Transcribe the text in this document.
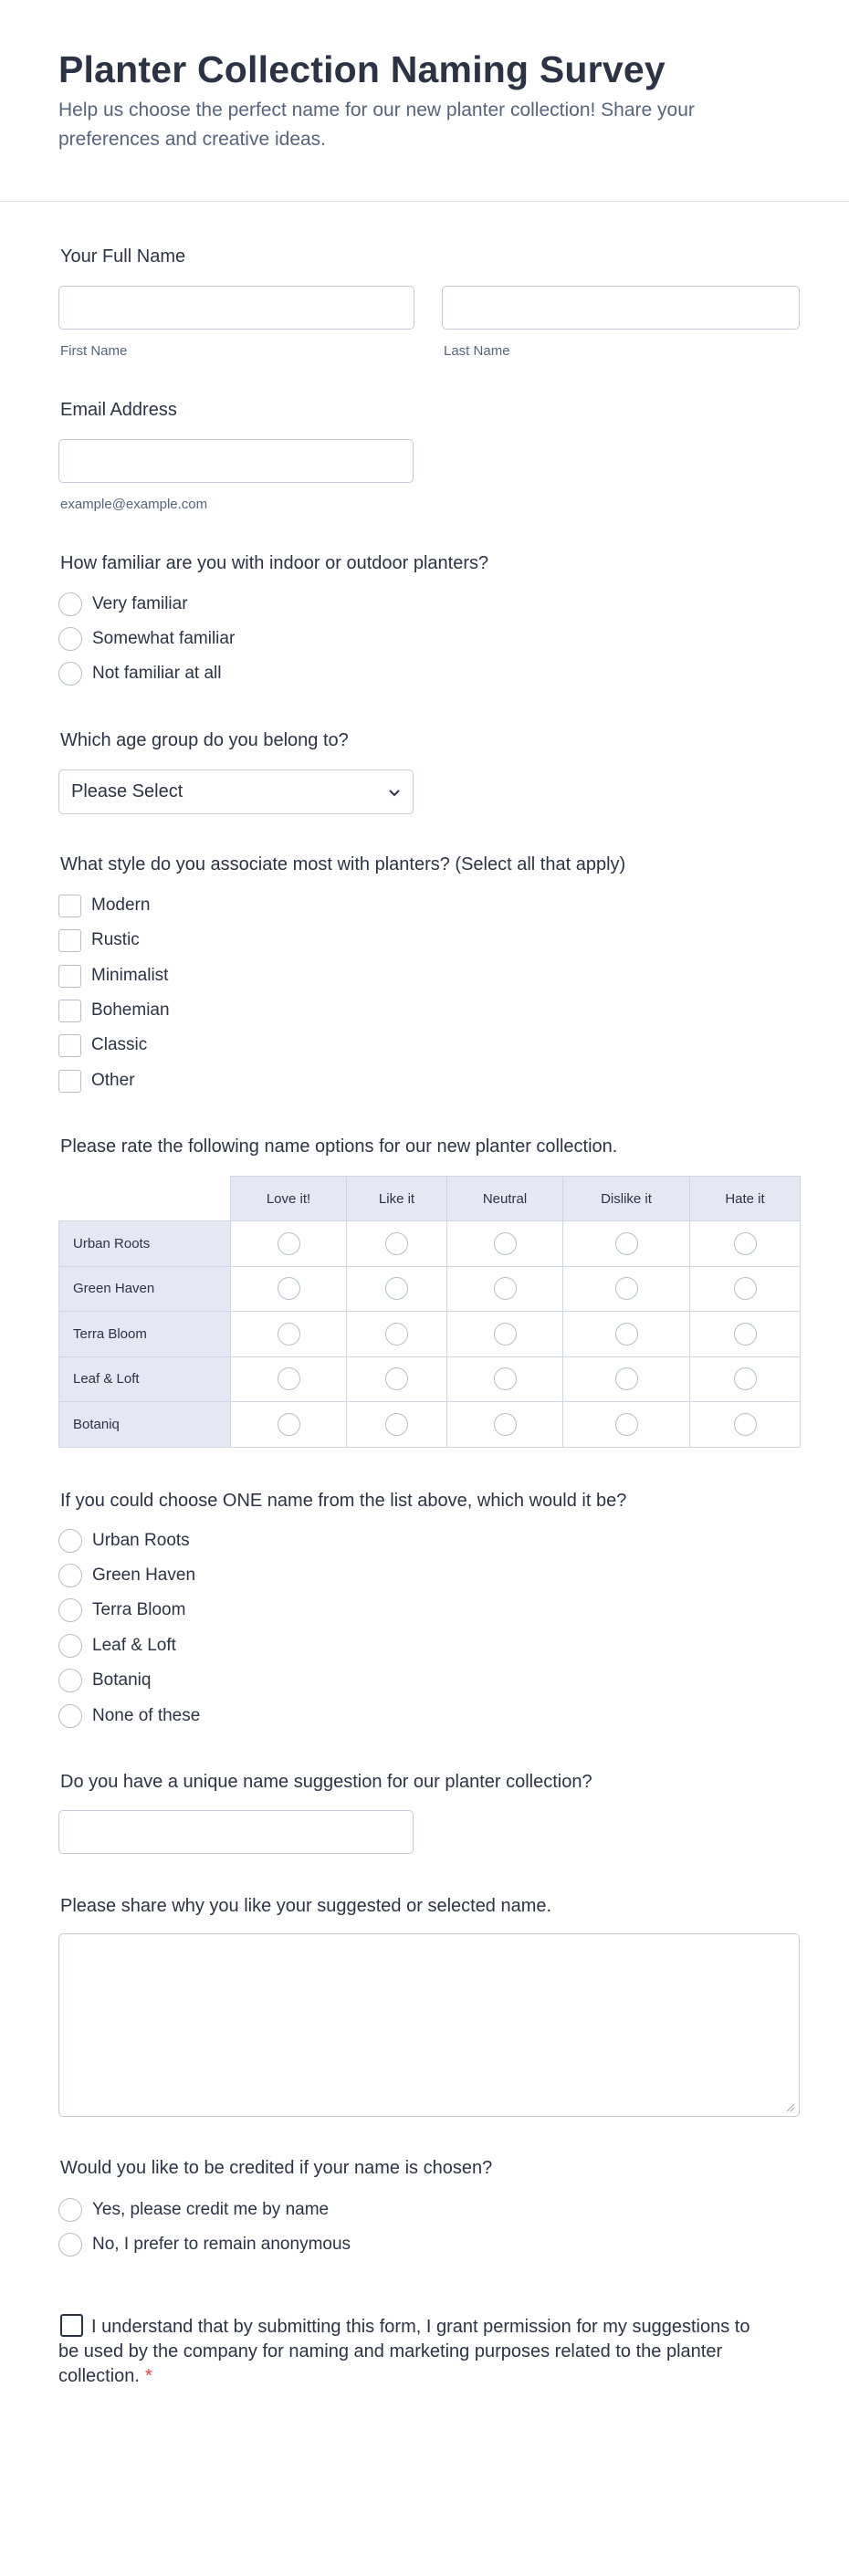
Planter Collection Naming Survey

Help us choose the perfect name for our new planter collection! Share your preferences and creative ideas.

Your Full Name
First Name	Last Name
Email Address
example@example.com
How familiar are you with indoor or outdoor planters?
Very familiar
Somewhat familiar
Not familiar at all
Which age group do you belong to?
Please Select
What style do you associate most with planters? (Select all that apply)
Modern
Rustic
Minimalist
Bohemian
Classic
Other
Please rate the following name options for our new planter collection.
	Love it!	Like it	Neutral	Dislike it	Hate it
Urban Roots					
Green Haven					
Terra Bloom					
Leaf & Loft					
Botaniq					
If you could choose ONE name from the list above, which would it be?
Urban Roots
Green Haven
Terra Bloom
Leaf & Loft
Botaniq
None of these
Do you have a unique name suggestion for our planter collection?
Please share why you like your suggested or selected name.
Would you like to be credited if your name is chosen?
Yes, please credit me by name
No, I prefer to remain anonymous
I understand that by submitting this form, I grant permission for my suggestions to be used by the company for naming and marketing purposes related to the planter collection. *
